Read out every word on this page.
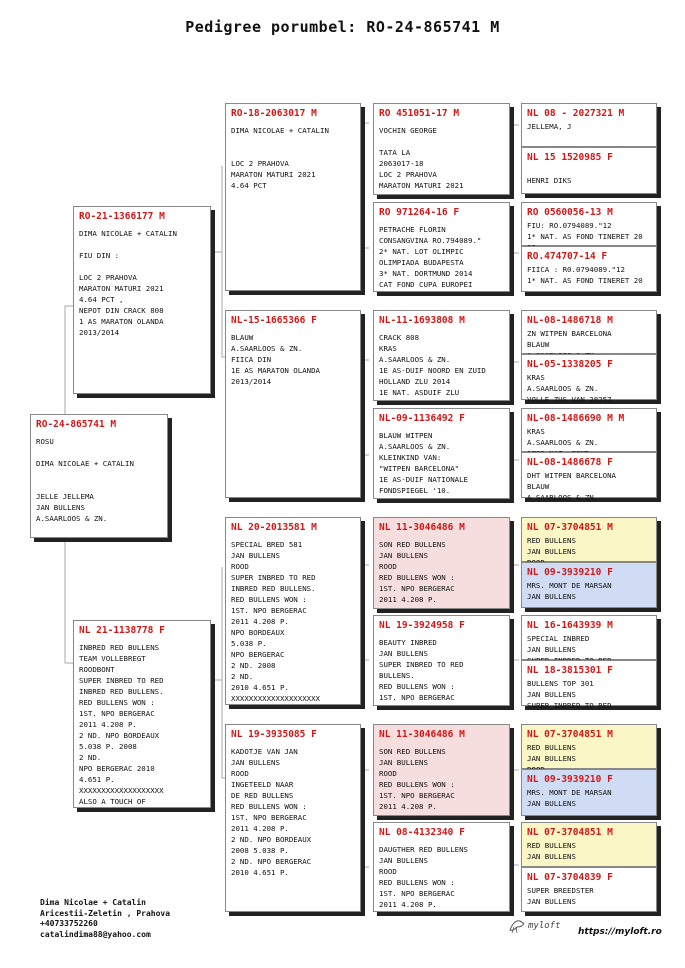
Pedigree porumbel: RO-24-865741 M
RO-24-865741 M
ROSU

DIMA NICOLAE + CATALIN

JELLE JELLEMA
JAN BULLENS
A.SAARLOOS & ZN.
RO-21-1366177 M
DIMA NICOLAE + CATALIN

FIU DIN :

LOC 2 PRAHOVA
MARATON MATURI 2021
4.64 PCT ,
NEPOT DIN CRACK 808
1 AS MARATON OLANDA
2013/2014
NL 21-1138778 F
INBRED RED BULLENS
TEAM VOLLEBREGT
ROODBONT
SUPER INBRED TO RED
INBRED RED BULLENS.
RED BULLENS WON :
1ST. NPO BERGERAC
2011 4.208 P.
2 ND. NPO BORDEAUX
5.038 P. 2008
2 ND.
NPO BERGERAC 2010
4.651 P.
XXXXXXXXXXXXXXXXXXX
ALSO A TOUCH OF
RO-18-2063017 M
DIMA NICOLAE + CATALIN

LOC 2 PRAHOVA
MARATON MATURI 2021
4.64 PCT
NL-15-1665366 F
BLAUW
A.SAARLOOS & ZN.
FIICA DIN
1E AS MARATON OLANDA
2013/2014
NL 20-2013581 M
SPECIAL BRED 581
JAN BULLENS
ROOD
SUPER INBRED TO RED
INBRED RED BULLENS.
RED BULLENS WON :
1ST. NPO BERGERAC
2011 4.208 P.
NPO BORDEAUX
5.038 P.
NPO BERGERAC
2 ND. 2008
2 ND.
2010 4.651 P.
XXXXXXXXXXXXXXXXXXXX
NL 19-3935085 F
KADOTJE VAN JAN
JAN BULLENS
ROOD
INGETEELD NAAR
DE RED BULLENS
RED BULLENS WON :
1ST. NPO BERGERAC
2011 4.208 P.
2 ND. NPO BORDEAUX
2008 5.038 P.
2 ND. NPO BERGERAC
2010 4.651 P.
RO 451051-17 M
VOCHIN GEORGE

TATA LA
2063017-18
LOC 2 PRAHOVA
MARATON MATURI 2021
RO 971264-16 F
PETRACHE FLORIN
CONSANGVINA RO.794089."
2* NAT. LOT OLIMPIC
OLIMPIADA BUDAPESTA
3* NAT. DORTMUND 2014
CAT FOND CUPA EUROPEI
NL-11-1693808 M
CRACK 808
KRAS
A.SAARLOOS & ZN.
1E AS-DUIF NOORD EN ZUID
HOLLAND ZLU 2014
1E NAT. ASDUIF ZLU
NL-09-1136492 F
BLAUW WITPEN
A.SAARLOOS & ZN.
KLEINKIND VAN:
"WITPEN BARCELONA"
1E AS-DUIF NATIONALE
FONDSPIEGEL '10.
NL 11-3046486 M
SON RED BULLENS
JAN BULLENS
ROOD
RED BULLENS WON :
1ST. NPO BERGERAC
2011 4.208 P.
NL 19-3924958 F
BEAUTY INBRED
JAN BULLENS
SUPER INBRED TO RED
BULLENS.
RED BULLENS WON :
1ST. NPO BERGERAC
NL 11-3046486 M
SON RED BULLENS
JAN BULLENS
ROOD
RED BULLENS WON :
1ST. NPO BERGERAC
2011 4.208 P.
NL 08-4132340 F
DAUGTHER RED BULLENS
JAN BULLENS
ROOD
RED BULLENS WON :
1ST. NPO BERGERAC
2011 4.208 P.
NL 08 - 2027321 M
JELLEMA, J
NL 15 1520985 F
HENRI DIKS
RO 0560056-13 M
FIU: RO.0794089."12
1* NAT. AS FOND TINERET 20
RO.474707-14 F
FIICA : R0.0794089."12
1* NAT. AS FOND TINERET 20
NL-08-1486718 M
ZN WITPEN BARCELONA
BLAUW
NL-05-1338205 F
KRAS
A.SAARLOOS & ZN.
VOLLE ZUS VAN 28257
NL-08-1486690 M M
KRAS
A.SAARLOOS & ZN.
NL-08-1486678 F
DHT WITPEN BARCELONA
BLAUW
A.SAARLOOS & ZN.
NL 07-3704851 M
RED BULLENS
JAN BULLENS
NL 09-3939210 F
MRS. MONT DE MARSAN
JAN BULLENS
NL 16-1643939 M
SPECIAL INBRED
JAN BULLENS
NL 18-3815301 F
BULLENS TOP 301
JAN BULLENS
SUPER INBRED TO RED
NL 07-3704851 M
RED BULLENS
JAN BULLENS
NL 09-3939210 F
MRS. MONT DE MARSAN
JAN BULLENS
NL 07-3704851 M
RED BULLENS
JAN BULLENS
NL 07-3704839 F
SUPER BREEDSTER
JAN BULLENS
Dima Nicolae + Catalin
Aricestii-Zeletin , Prahova
+40733752260
catalindima88@yahoo.com
myloft
https://myloft.ro
